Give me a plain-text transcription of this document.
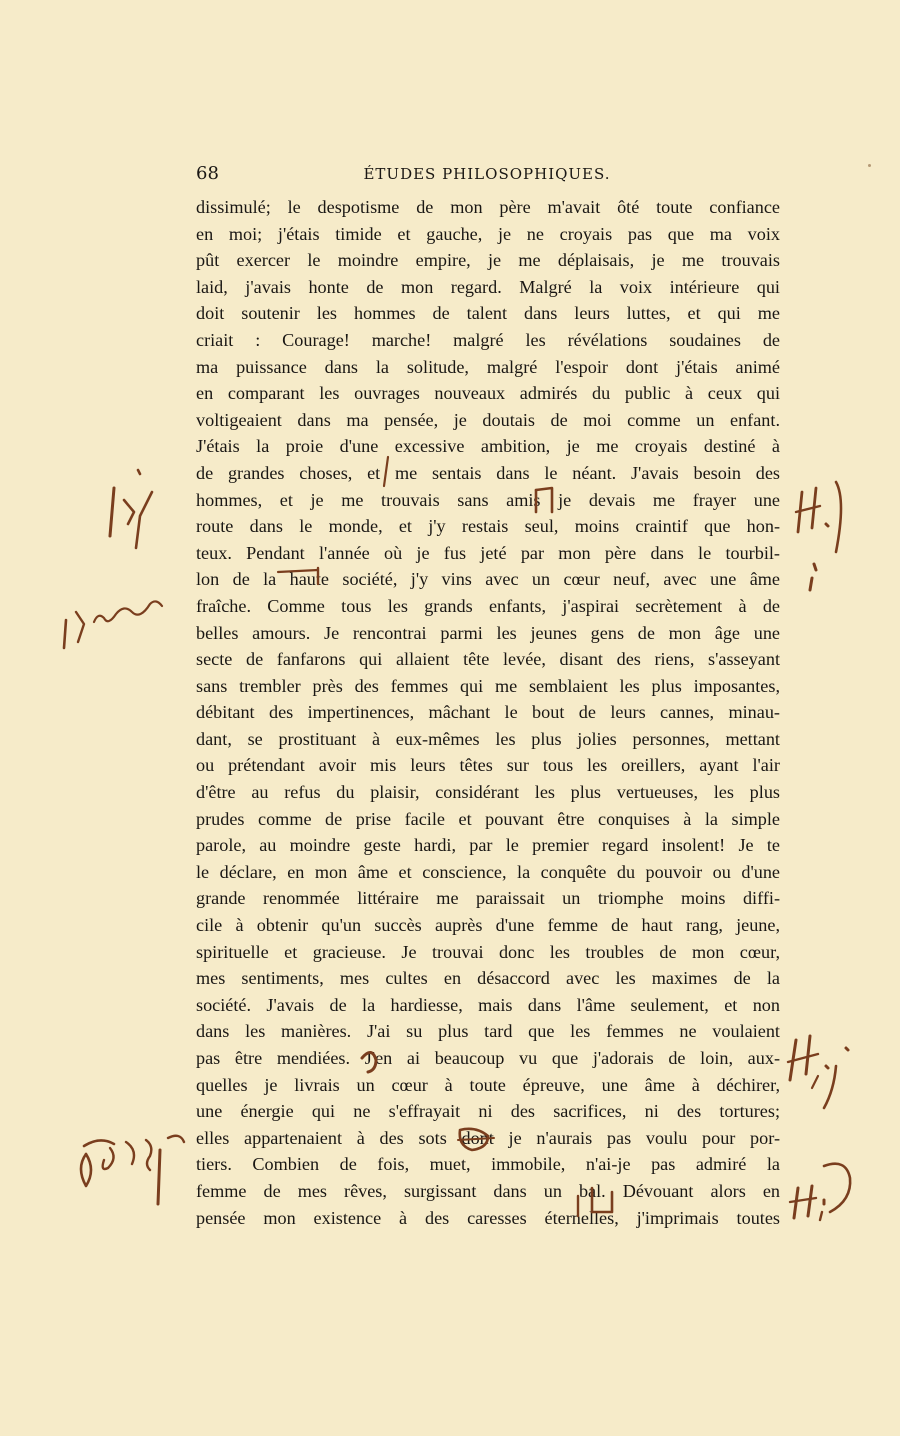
68	ÉTUDES PHILOSOPHIQUES.
dissimulé; le despotisme de mon père m'avait ôté toute confiance
en moi; j'étais timide et gauche, je ne croyais pas que ma voix
pût exercer le moindre empire, je me déplaisais, je me trouvais
laid, j'avais honte de mon regard. Malgré la voix intérieure qui
doit soutenir les hommes de talent dans leurs luttes, et qui me
criait : Courage! marche! malgré les révélations soudaines de
ma puissance dans la solitude, malgré l'espoir dont j'étais animé
en comparant les ouvrages nouveaux admirés du public à ceux qui
voltigeaient dans ma pensée, je doutais de moi comme un enfant.
J'étais la proie d'une excessive ambition, je me croyais destiné à
de grandes choses, et me sentais dans le néant. J'avais besoin des
hommes, et je me trouvais sans amis je devais me frayer une
route dans le monde, et j'y restais seul, moins craintif que hon-
teux. Pendant l'année où je fus jeté par mon père dans le tourbil-
lon de la haute société, j'y vins avec un cœur neuf, avec une âme
fraîche. Comme tous les grands enfants, j'aspirai secrètement à de
belles amours. Je rencontrai parmi les jeunes gens de mon âge une
secte de fanfarons qui allaient tête levée, disant des riens, s'asseyant
sans trembler près des femmes qui me semblaient les plus imposantes,
débitant des impertinences, mâchant le bout de leurs cannes, minau-
dant, se prostituant à eux-mêmes les plus jolies personnes, mettant
ou prétendant avoir mis leurs têtes sur tous les oreillers, ayant l'air
d'être au refus du plaisir, considérant les plus vertueuses, les plus
prudes comme de prise facile et pouvant être conquises à la simple
parole, au moindre geste hardi, par le premier regard insolent! Je te
le déclare, en mon âme et conscience, la conquête du pouvoir ou d'une
grande renommée littéraire me paraissait un triomphe moins diffi-
cile à obtenir qu'un succès auprès d'une femme de haut rang, jeune,
spirituelle et gracieuse. Je trouvai donc les troubles de mon cœur,
mes sentiments, mes cultes en désaccord avec les maximes de la
société. J'avais de la hardiesse, mais dans l'âme seulement, et non
dans les manières. J'ai su plus tard que les femmes ne voulaient
pas être mendiées. J'en ai beaucoup vu que j'adorais de loin, aux-
quelles je livrais un cœur à toute épreuve, une âme à déchirer,
une énergie qui ne s'effrayait ni des sacrifices, ni des tortures;
elles appartenaient à des sots dont je n'aurais pas voulu pour por-
tiers. Combien de fois, muet, immobile, n'ai-je pas admiré la
femme de mes rêves, surgissant dans un bal. Dévouant alors en
pensée mon existence à des caresses éternelles, j'imprimais toutes
